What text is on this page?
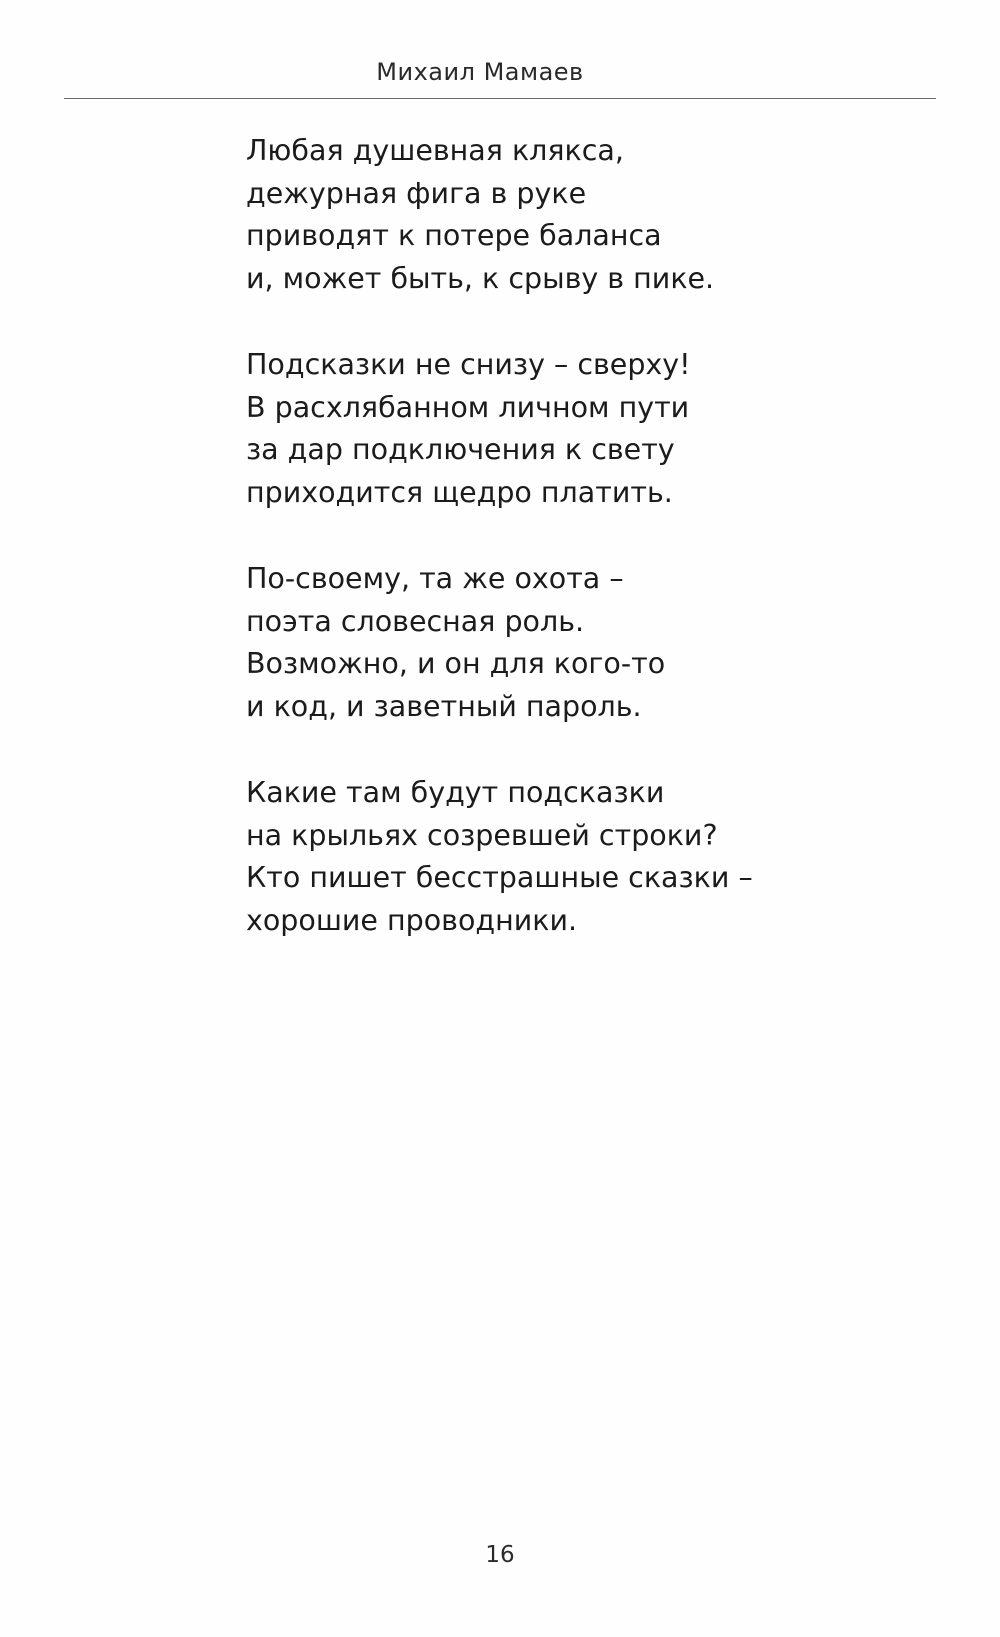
Михаил Мамаев
Любая душевная клякса,
дежурная фига в руке
приводят к потере баланса
и, может быть, к срыву в пике.
Подсказки не снизу – сверху!
В расхлябанном личном пути
за дар подключения к свету
приходится щедро платить.
По-своему, та же охота –
поэта словесная роль.
Возможно, и он для кого-то
и код, и заветный пароль.
Какие там будут подсказки
на крыльях созревшей строки?
Кто пишет бесстрашные сказки –
хорошие проводники.
16
